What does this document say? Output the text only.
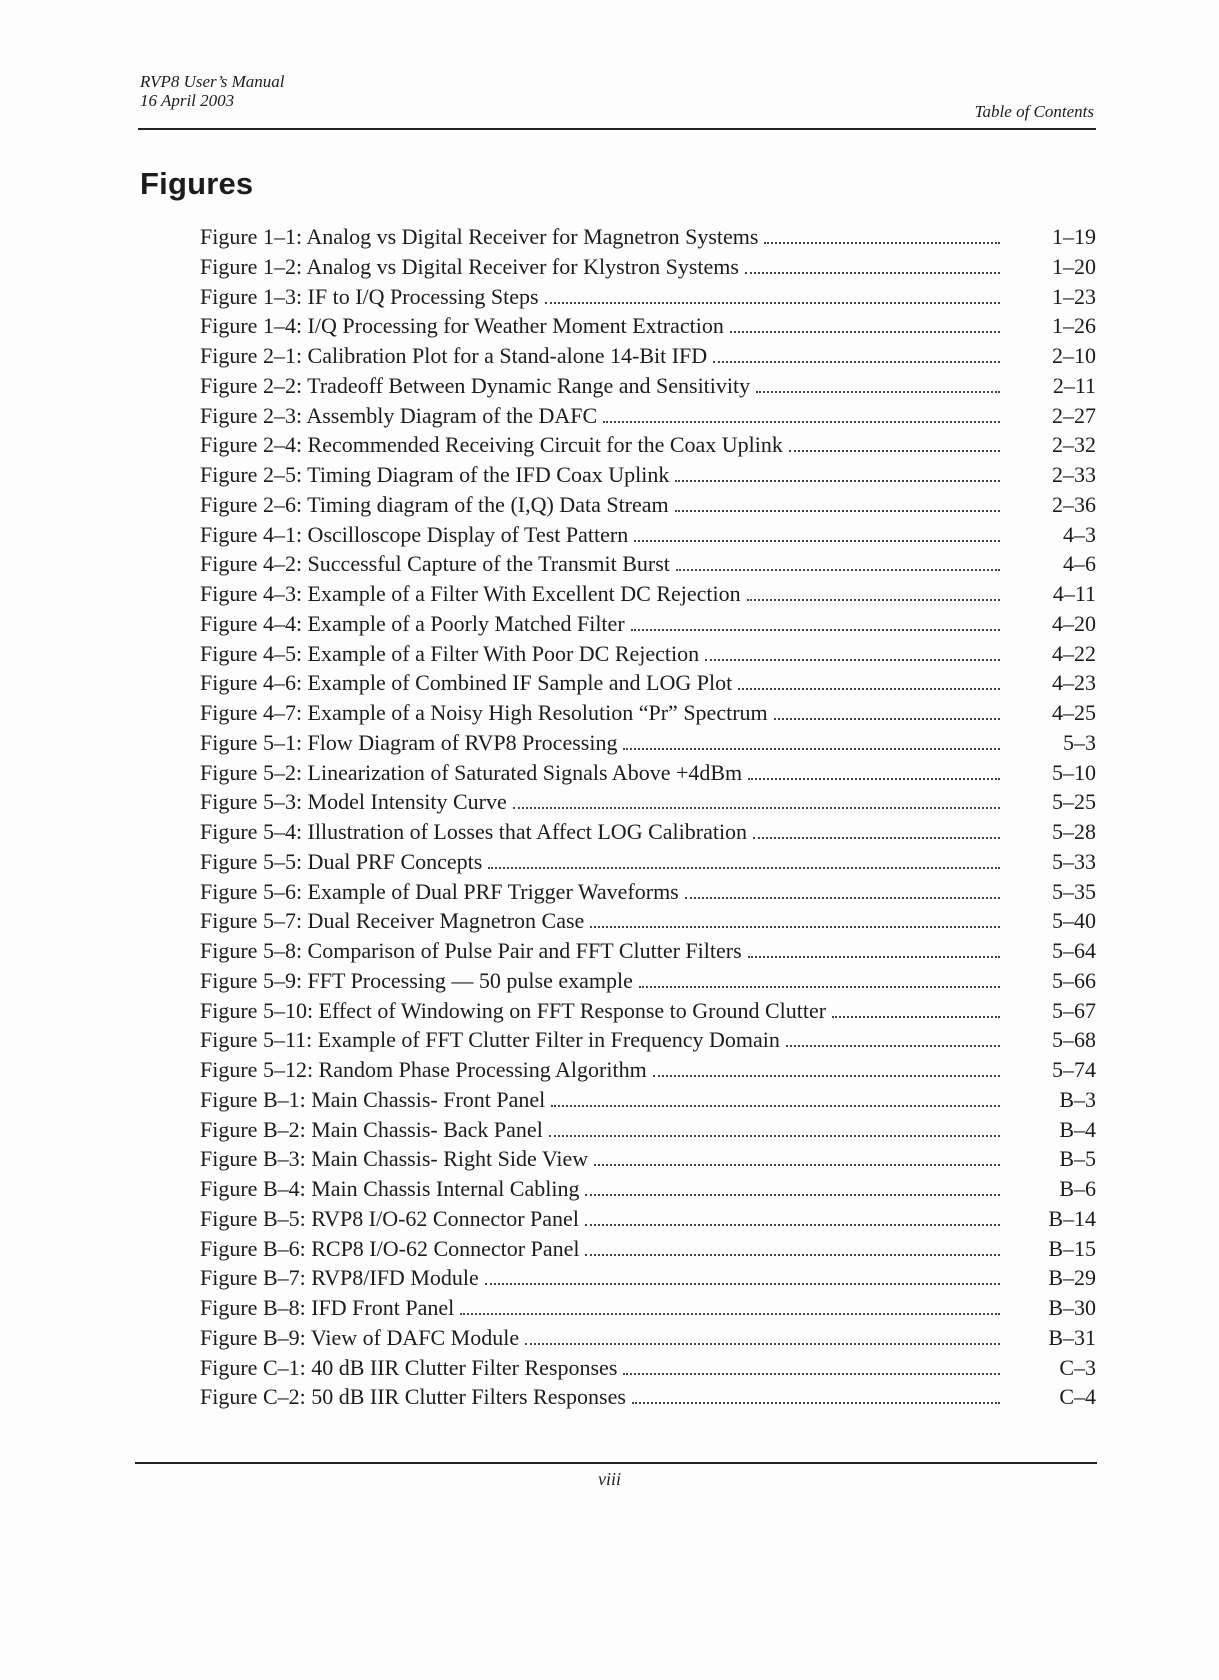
RVP8 User’s Manual
16 April 2003
Table of Contents
Figures
Figure 1–1: Analog vs Digital Receiver for Magnetron Systems	1–19
Figure 1–2: Analog vs Digital Receiver for Klystron Systems	1–20
Figure 1–3: IF to I/Q Processing Steps	1–23
Figure 1–4: I/Q Processing for Weather Moment Extraction	1–26
Figure 2–1: Calibration Plot for a Stand-alone 14-Bit IFD	2–10
Figure 2–2: Tradeoff Between Dynamic Range and Sensitivity	2–11
Figure 2–3: Assembly Diagram of the DAFC	2–27
Figure 2–4: Recommended Receiving Circuit for the Coax Uplink	2–32
Figure 2–5: Timing Diagram of the IFD Coax Uplink	2–33
Figure 2–6: Timing diagram of the (I,Q) Data Stream	2–36
Figure 4–1: Oscilloscope Display of Test Pattern	4–3
Figure 4–2: Successful Capture of the Transmit Burst	4–6
Figure 4–3: Example of a Filter With Excellent DC Rejection	4–11
Figure 4–4: Example of a Poorly Matched Filter	4–20
Figure 4–5: Example of a Filter With Poor DC Rejection	4–22
Figure 4–6: Example of Combined IF Sample and LOG Plot	4–23
Figure 4–7: Example of a Noisy High Resolution “Pr” Spectrum	4–25
Figure 5–1: Flow Diagram of RVP8 Processing	5–3
Figure 5–2: Linearization of Saturated Signals Above +4dBm	5–10
Figure 5–3: Model Intensity Curve	5–25
Figure 5–4: Illustration of Losses that Affect LOG Calibration	5–28
Figure 5–5: Dual PRF Concepts	5–33
Figure 5–6: Example of Dual PRF Trigger Waveforms	5–35
Figure 5–7: Dual Receiver Magnetron Case	5–40
Figure 5–8: Comparison of Pulse Pair and FFT Clutter Filters	5–64
Figure 5–9: FFT Processing — 50 pulse example	5–66
Figure 5–10: Effect of Windowing on FFT Response to Ground Clutter	5–67
Figure 5–11: Example of FFT Clutter Filter in Frequency Domain	5–68
Figure 5–12: Random Phase Processing Algorithm	5–74
Figure B–1: Main Chassis- Front Panel	B–3
Figure B–2: Main Chassis- Back Panel	B–4
Figure B–3: Main Chassis- Right Side View	B–5
Figure B–4: Main Chassis Internal Cabling	B–6
Figure B–5: RVP8 I/O-62 Connector Panel	B–14
Figure B–6: RCP8 I/O-62 Connector Panel	B–15
Figure B–7: RVP8/IFD Module	B–29
Figure B–8: IFD Front Panel	B–30
Figure B–9: View of DAFC Module	B–31
Figure C–1: 40 dB IIR Clutter Filter Responses	C–3
Figure C–2: 50 dB IIR Clutter Filters Responses	C–4
viii
